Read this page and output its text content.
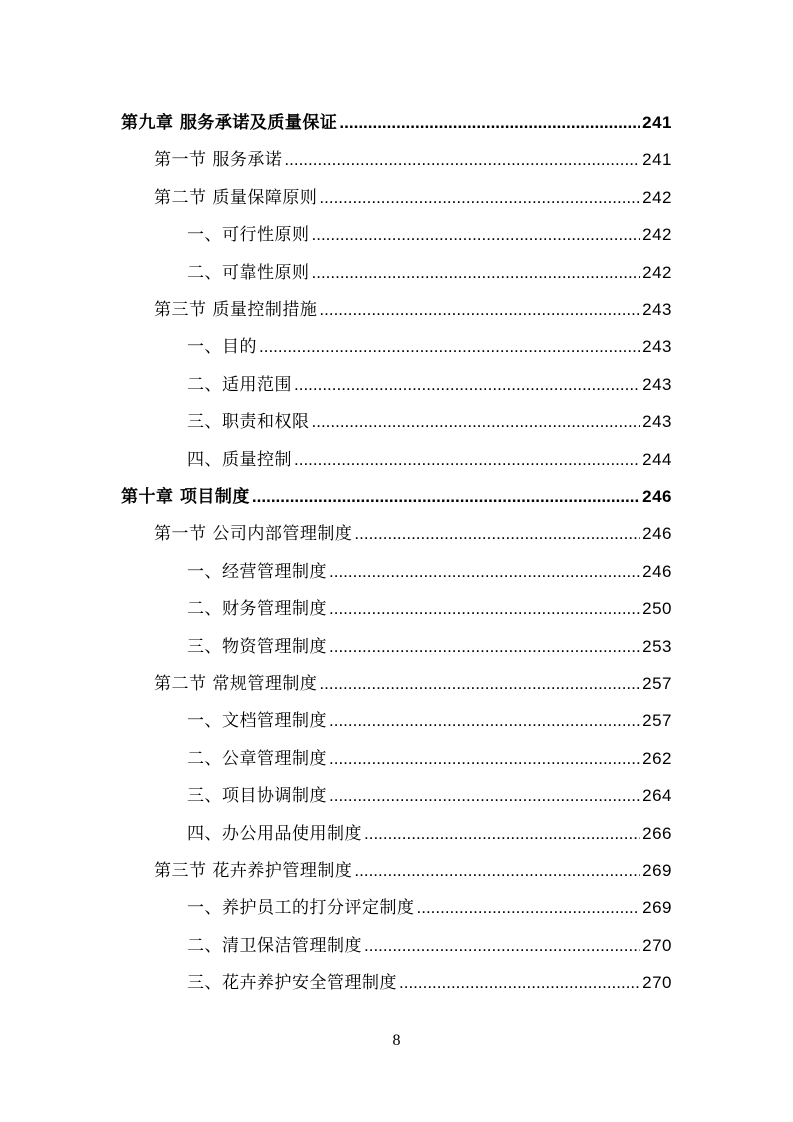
第九章 服务承诺及质量保证 .....	241
第一节 服务承诺 .....	241
第二节 质量保障原则 .....	242
一、可行性原则 .....	242
二、可靠性原则 .....	242
第三节 质量控制措施 .....	243
一、目的 .....	243
二、适用范围 .....	243
三、职责和权限 .....	243
四、质量控制 .....	244
第十章 项目制度 .....	246
第一节 公司内部管理制度 .....	246
一、经营管理制度 .....	246
二、财务管理制度 .....	250
三、物资管理制度 .....	253
第二节 常规管理制度 .....	257
一、文档管理制度 .....	257
二、公章管理制度 .....	262
三、项目协调制度 .....	264
四、办公用品使用制度 .....	266
第三节 花卉养护管理制度 .....	269
一、养护员工的打分评定制度 .....	269
二、清卫保洁管理制度 .....	270
三、花卉养护安全管理制度 .....	270
8
